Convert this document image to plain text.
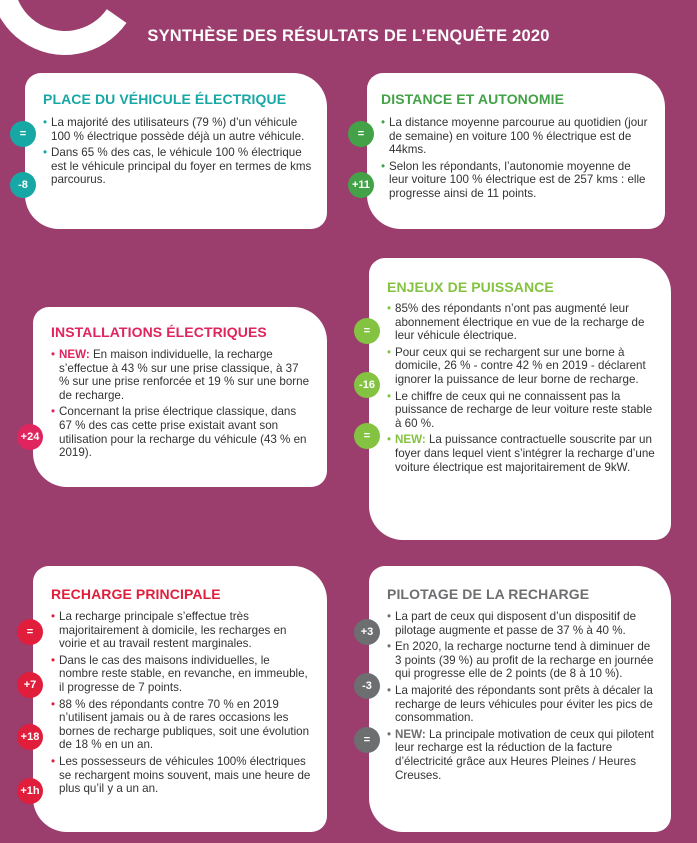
SYNTHÈSE DES RÉSULTATS DE L’ENQUÊTE 2020
PLACE DU VÉHICULE ÉLECTRIQUE
=
-8
• La majorité des utilisateurs (79 %) d’un véhicule 100 % électrique possède déjà un autre véhicule.
• Dans 65 % des cas, le véhicule 100 % électrique est le véhicule principal du foyer en termes de kms parcourus.
DISTANCE ET AUTONOMIE
=
+11
• La distance moyenne parcourue au quotidien (jour de semaine) en voiture 100 % électrique est de 44kms.
• Selon les répondants, l’autonomie moyenne de leur voiture 100 % électrique est de 257 kms : elle progresse ainsi de 11 points.
INSTALLATIONS ÉLECTRIQUES
+24
• NEW: En maison individuelle, la recharge s’effectue à 43 % sur une prise classique, à 37 % sur une prise renforcée et 19 % sur une borne de recharge.
• Concernant la prise électrique classique, dans 67 % des cas cette prise existait avant son utilisation pour la recharge du véhicule (43 % en 2019).
ENJEUX DE PUISSANCE
=
-16
=
• 85% des répondants n’ont pas augmenté leur abonnement électrique en vue de la recharge de leur véhicule électrique.
• Pour ceux qui se rechargent sur une borne à domicile, 26 % - contre 42 % en 2019 - déclarent ignorer la puissance de leur borne de recharge.
• Le chiffre de ceux qui ne connaissent pas la puissance de recharge de leur voiture reste stable à 60 %.
• NEW: La puissance contractuelle souscrite par un foyer dans lequel vient s’intégrer la recharge d’une voiture électrique est majoritairement de 9kW.
RECHARGE PRINCIPALE
=
+7
+18
+1h
• La recharge principale s’effectue très majoritairement à domicile, les recharges en voirie et au travail restent marginales.
• Dans le cas des maisons individuelles, le nombre reste stable, en revanche, en immeuble, il progresse de 7 points.
• 88 % des répondants contre 70 % en 2019 n’utilisent jamais ou à de rares occasions les bornes de recharge publiques, soit une évolution de 18 % en un an.
• Les possesseurs de véhicules 100% électriques se rechargent moins souvent, mais une heure de plus qu’il y a un an.
PILOTAGE DE LA RECHARGE
+3
-3
=
• La part de ceux qui disposent d’un dispositif de pilotage augmente et passe de 37 % à 40 %.
• En 2020, la recharge nocturne tend à diminuer de 3 points (39 %) au profit de la recharge en journée qui progresse elle de 2 points (de 8 à 10 %).
• La majorité des répondants sont prêts à décaler la recharge de leurs véhicules pour éviter les pics de consommation.
• NEW: La principale motivation de ceux qui pilotent leur recharge est la réduction de la facture d’électricité grâce aux Heures Pleines / Heures Creuses.
